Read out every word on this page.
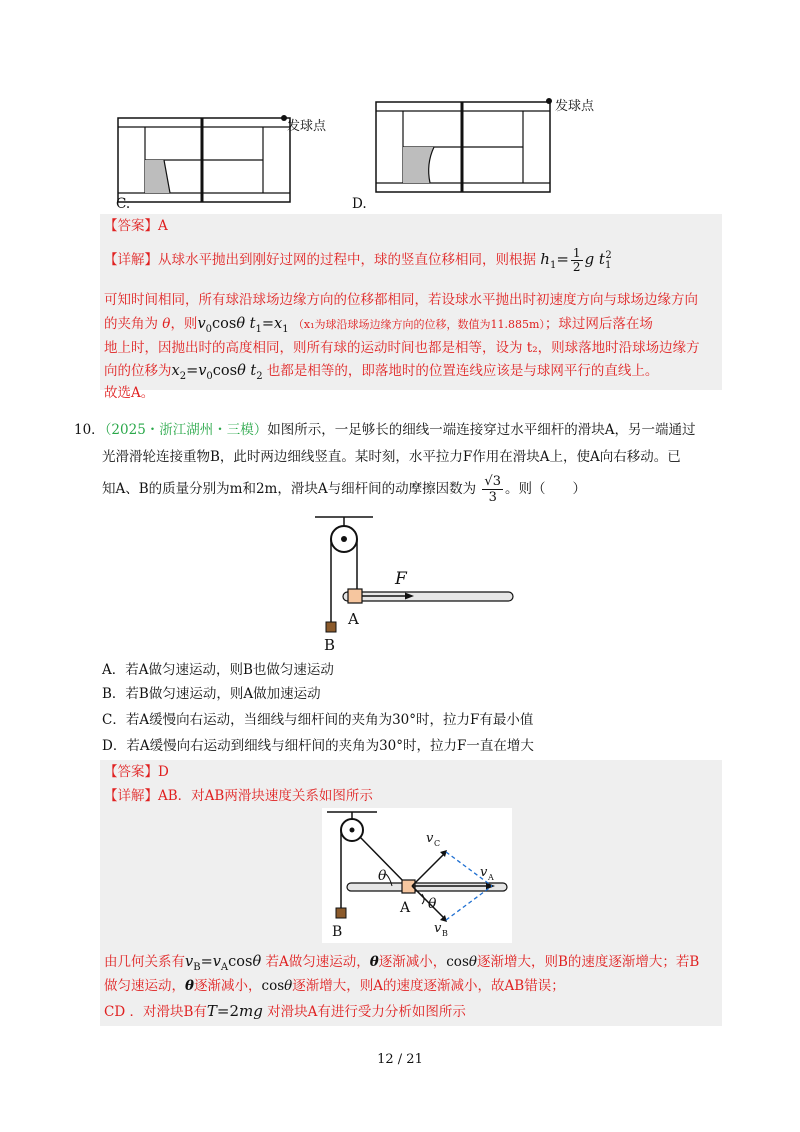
发球点
C.
发球点
D.
【答案】A
【详解】从球水平抛出到刚好过网的过程中，球的竖直位移相同，则根据 $h_1= \frac{1}{2}$ g $t_1^2$
可知时间相同，所有球沿球场边缘方向的位移都相同，若设球水平抛出时初速度方向与球场边缘方向
的夹角为 θ，则$v_0\cos\theta$ $t_1=x_1$ （x₁为球沿球场边缘方向的位移，数值为11.885m）；球过网后落在场
地上时，因抛出时的高度相同，则所有球的运动时间也都是相等，设为 t₂，则球落地时沿球场边缘方
向的位移为$x_2=v_0\cos\theta$ $t_2$ 也都是相等的，即落地时的位置连线应该是与球网平行的直线上。
故选A。
10．（2025・浙江湖州・三模）如图所示，一足够长的细线一端连接穿过水平细杆的滑块A，另一端通过
光滑滑轮连接重物B，此时两边细线竖直。某时刻，水平拉力F作用在滑块A上，使A向右移动。已
知A、B的质量分别为m和2m，滑块A与细杆间的动摩擦因数为 $\frac{√3}{3}$ 。则（　　）
F
A
B
A．若A做匀速运动，则B也做匀速运动
B．若B做匀速运动，则A做加速运动
C．若A缓慢向右运动，当细线与细杆间的夹角为30°时，拉力F有最小值
D．若A缓慢向右运动到细线与细杆间的夹角为30°时，拉力F一直在增大
【答案】D
【详解】AB．对AB两滑块速度关系如图所示
θ
θ
A
B
v C
v A
v B
由几何关系有$v_B=v_A\cos\theta$ 若A做匀速运动，θ逐渐减小，cosθ逐渐增大，则B的速度逐渐增大；若B
做匀速运动，θ逐渐减小，cosθ逐渐增大，则A的速度逐渐减小，故AB错误；
CD ．对滑块B有T=2mg 对滑块A有进行受力分析如图所示
12 / 21
